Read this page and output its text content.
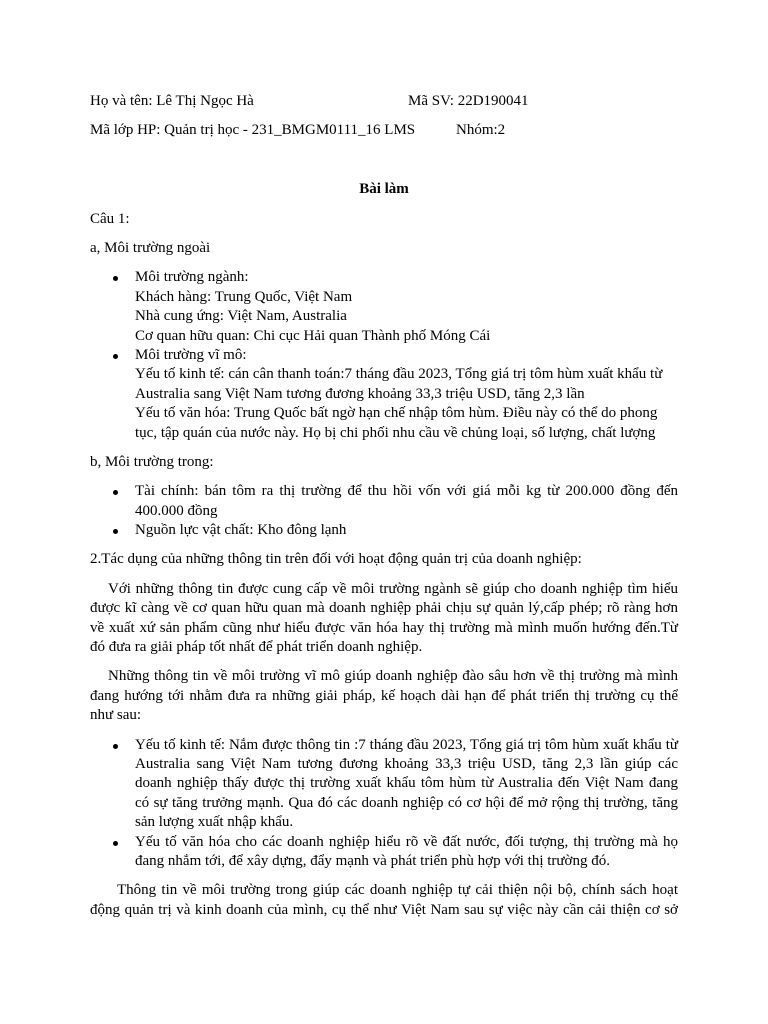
Họ và tên: Lê Thị Ngọc Hà	Mã SV: 22D190041
Mã lớp HP: Quản trị học - 231_BMGM0111_16 LMS	Nhóm:2
Bài làm
Câu 1:
a, Môi trường ngoài
Môi trường ngành:
Khách hàng: Trung Quốc, Việt Nam
Nhà cung ứng: Việt Nam, Australia
Cơ quan hữu quan: Chi cục Hải quan Thành phố Móng Cái
Môi trường vĩ mô:
Yếu tố kinh tế: cán cân thanh toán:7 tháng đầu 2023, Tổng giá trị tôm hùm xuất khẩu từ
Australia sang Việt Nam tương đương khoảng 33,3 triệu USD, tăng 2,3 lần
Yếu tố văn hóa: Trung Quốc bất ngờ hạn chế nhập tôm hùm. Điều này có thể do phong
tục, tập quán của nước này. Họ bị chi phối nhu cầu về chủng loại, số lượng, chất lượng
b, Môi trường trong:
Tài chính: bán tôm ra thị trường để thu hồi vốn với giá mỗi kg từ 200.000 đồng đến
400.000 đồng
Nguồn lực vật chất: Kho đông lạnh
2.Tác dụng của những thông tin trên đối với hoạt động quản trị của doanh nghiệp:
Với những thông tin được cung cấp về môi trường ngành sẽ giúp cho doanh nghiệp tìm hiểu
được kĩ càng về cơ quan hữu quan mà doanh nghiệp phải chịu sự quản lý,cấp phép; rõ ràng hơn
về xuất xứ sản phẩm cũng như hiểu được văn hóa hay thị trường mà mình muốn hướng đến.Từ
đó đưa ra giải pháp tốt nhất để phát triển doanh nghiệp.
Những thông tin về môi trường vĩ mô giúp doanh nghiệp đào sâu hơn về thị trường mà mình
đang hướng tới nhằm đưa ra những giải pháp, kế hoạch dài hạn để phát triển thị trường cụ thể
như sau:
Yếu tố kinh tế: Nắm được thông tin :7 tháng đầu 2023, Tổng giá trị tôm hùm xuất khẩu từ
Australia sang Việt Nam tương đương khoảng 33,3 triệu USD, tăng 2,3 lần giúp các
doanh nghiệp thấy được thị trường xuất khẩu tôm hùm từ Australia đến Việt Nam đang
có sự tăng trưởng mạnh. Qua đó các doanh nghiệp có cơ hội để mở rộng thị trường, tăng
sản lượng xuất nhập khẩu.
Yếu tố văn hóa cho các doanh nghiệp hiểu rõ về đất nước, đối tượng, thị trường mà họ
đang nhắm tới, để xây dựng, đẩy mạnh và phát triển phù hợp với thị trường đó.
Thông tin về môi trường trong giúp các doanh nghiệp tự cải thiện nội bộ, chính sách hoạt
động quản trị và kinh doanh của mình, cụ thể như Việt Nam sau sự việc này cần cải thiện cơ sở
